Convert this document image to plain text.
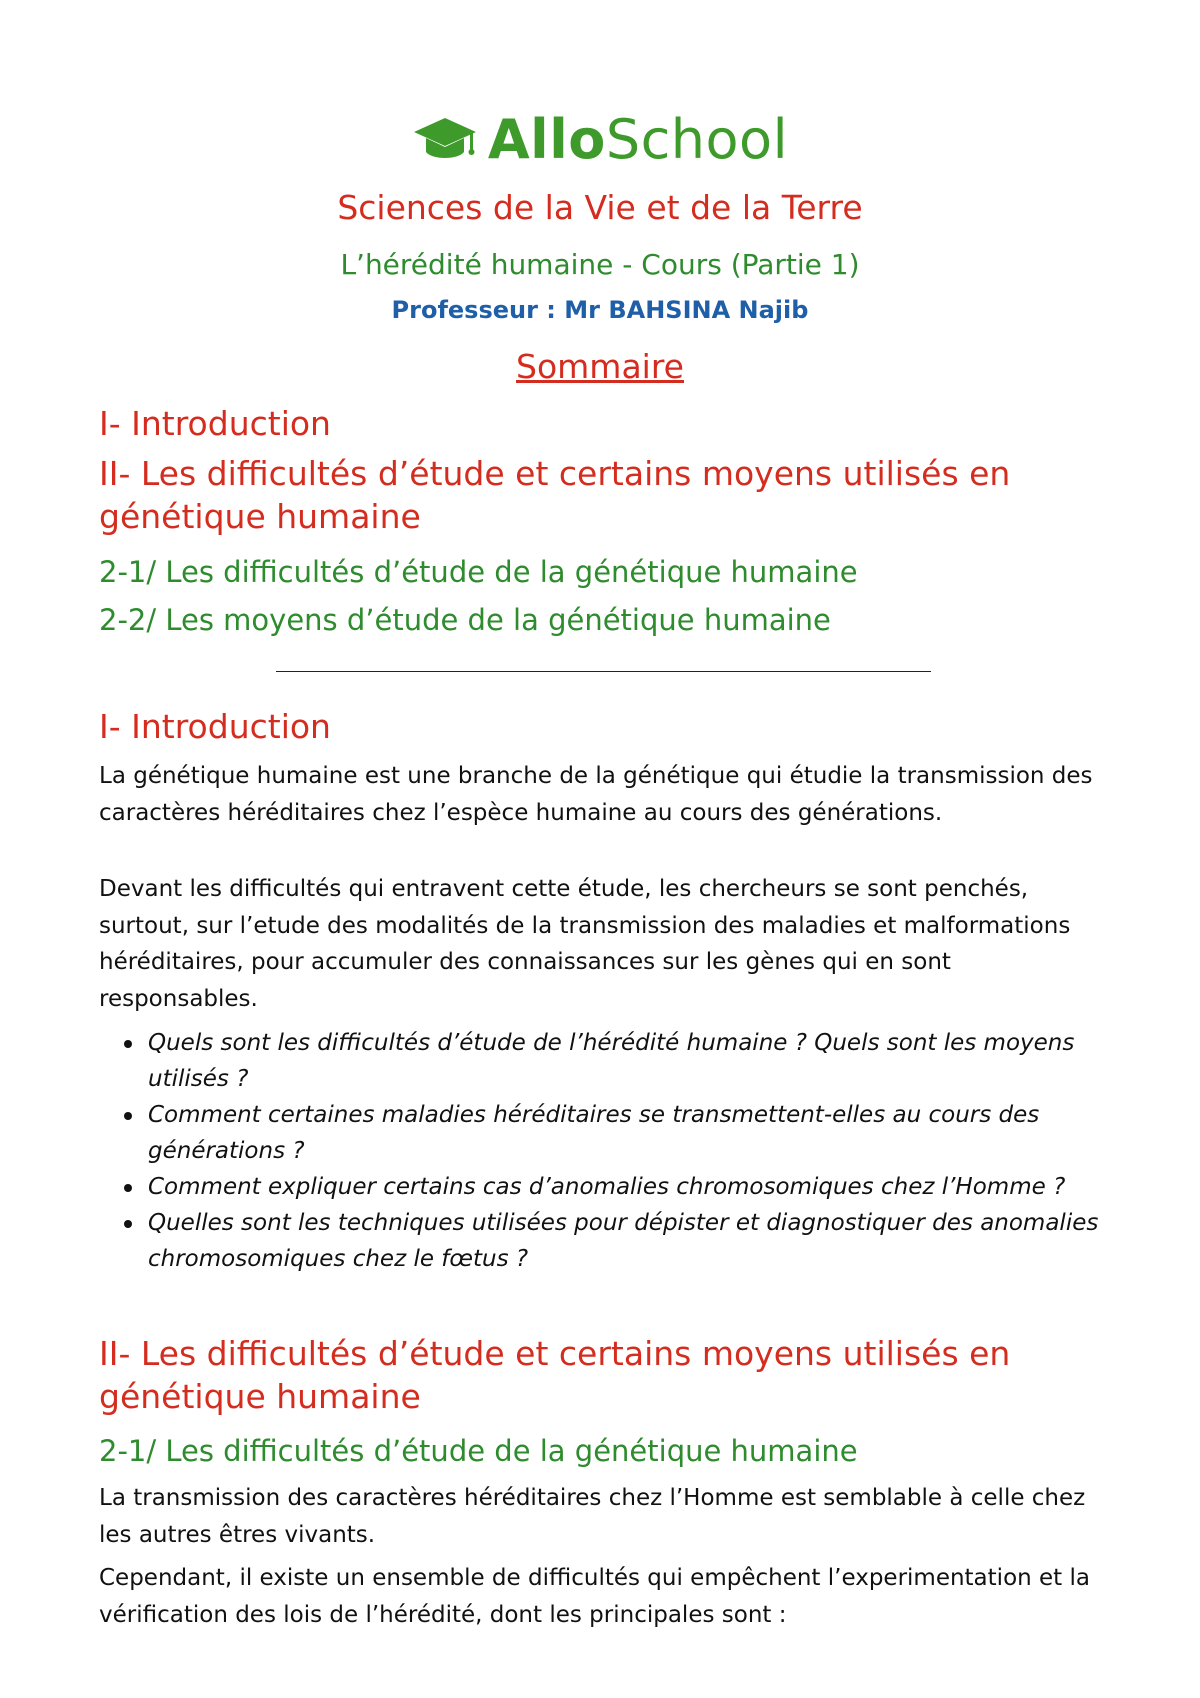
AlloSchool
Sciences de la Vie et de la Terre
L’hérédité humaine - Cours (Partie 1)
Professeur : Mr BAHSINA Najib
Sommaire
I- Introduction
II- Les difficultés d’étude et certains moyens utilisés en génétique humaine
2-1/ Les difficultés d’étude de la génétique humaine
2-2/ Les moyens d’étude de la génétique humaine
I- Introduction
La génétique humaine est une branche de la génétique qui étudie la transmission des caractères héréditaires chez l’espèce humaine au cours des générations.
Devant les difficultés qui entravent cette étude, les chercheurs se sont penchés, surtout, sur l’etude des modalités de la transmission des maladies et malformations héréditaires, pour accumuler des connaissances sur les gènes qui en sont responsables.
Quels sont les difficultés d’étude de l’hérédité humaine ? Quels sont les moyens utilisés ?
Comment certaines maladies héréditaires se transmettent-elles au cours des générations ?
Comment expliquer certains cas d’anomalies chromosomiques chez l’Homme ?
Quelles sont les techniques utilisées pour dépister et diagnostiquer des anomalies chromosomiques chez le fœtus ?
II- Les difficultés d’étude et certains moyens utilisés en génétique humaine
2-1/ Les difficultés d’étude de la génétique humaine
La transmission des caractères héréditaires chez l’Homme est semblable à celle chez les autres êtres vivants.
Cependant, il existe un ensemble de difficultés qui empêchent l’experimentation et la vérification des lois de l’hérédité, dont les principales sont :
